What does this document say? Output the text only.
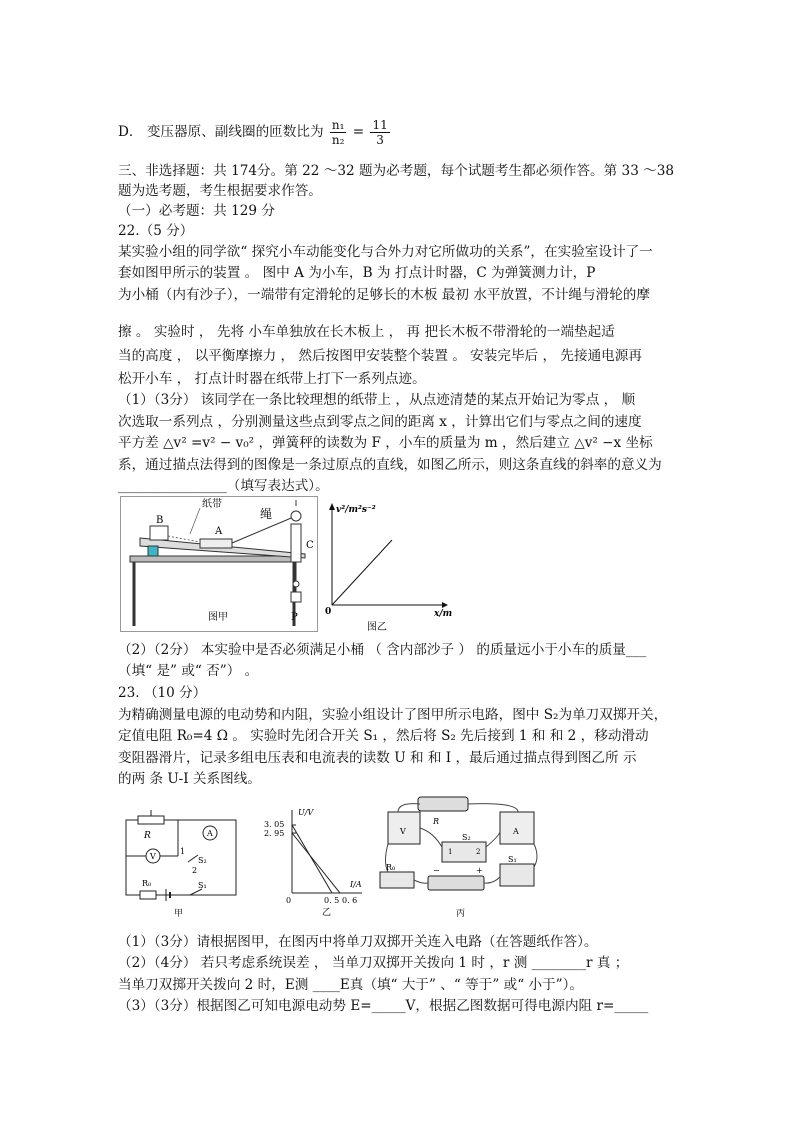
D． 变压器原、副线圈的匝数比为 $\frac{\text{n₁}}{\text{n₂}} = \frac{11}{3}$
三、非选择题：共 174分。第 22 ～32 题为必考题，每个试题考生都必须作答。第 33 ～38
题为选考题，考生根据要求作答。
（一）必考题：共 129 分
22.（5 分）
某实验小组的同学欲“ 探究小车动能变化与合外力对它所做功的关系”，在实验室设计了一
套如图甲所示的装置 。 图中 A 为小车，B 为 打点计时器，C 为弹簧测力计，P
为小桶（内有沙子），一端带有定滑轮的足够长的木板 最初 水平放置，不计绳与滑轮的摩
擦 。 实验时 ， 先将 小车单独放在长木板上 ， 再 把长木板不带滑轮的一端垫起适
当的高度 ， 以平衡摩擦力 ， 然后按图甲安装整个装置 。 安装完毕后 ， 先接通电源再
松开小车 ， 打点计时器在纸带上打下一系列点迹。
（1）（3分） 该同学在一条比较理想的纸带上 ，从点迹清楚的某点开始记为零点 ， 顺
次选取一系列点 ，分别测量这些点到零点之间的距离 x ，计算出它们与零点之间的速度
平方差 △v² =v² − v₀² ，弹簧秤的读数为 F ，小车的质量为 m ，然后建立 △v² −x 坐标
系，通过描点法得到的图像是一条过原点的直线，如图乙所示，则这条直线的斜率的意义为
________________（填写表达式）。
B
A
纸带
绳
C
P
图甲
v²/m²s⁻²
x/m
0
图乙
（2）（2分） 本实验中是否必须满足小桶 （ 含内部沙子 ） 的质量远小于小车的质量___
（填“ 是” 或“ 否”） 。
23. （10 分）
为精确测量电源的电动势和内阻，实验小组设计了图甲所示电路，图中 S₂为单刀双掷开关，
定值电阻 R₀=4 Ω 。 实验时先闭合开关 S₁ ，然后将 S₂ 先后接到 1 和 和 2 ，移动滑动
变阻器滑片，记录多组电压表和电流表的读数 U 和 和 I ，最后通过描点得到图乙所 示
的两 条 U-I 关系图线。
R	A
V
1
2
S₂
R₀	S₁
甲
U/V
3. 05
2. 95
I/A
0. 5 0. 6
0
乙
R
V	A
1	2
S₂
R₀
S₁
−	+
丙
（1）（3分）请根据图甲，在图丙中将单刀双掷开关连入电路（在答题纸作答）。
（2）（4分） 若只考虑系统误差 ， 当单刀双掷开关拨向 1 时 ，r 测 ________r 真 ；
当单刀双掷开关拨向 2 时，E测 ____E真（填“ 大于” 、“ 等于” 或“ 小于”）。
（3）（3分）根据图乙可知电源电动势 E=_____V，根据乙图数据可得电源内阻 r=_____
